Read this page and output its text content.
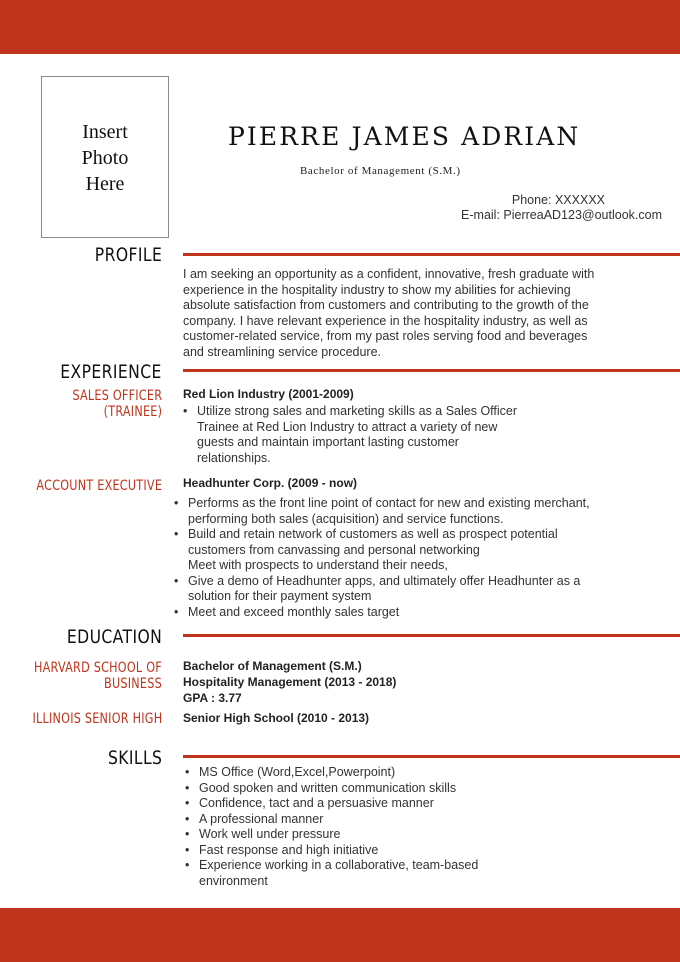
Insert
Photo
Here
PIERRE JAMES ADRIAN
Bachelor of Management (S.M.)
Phone: XXXXXX
E-mail: PierreaAD123@outlook.com
PROFILE
I am seeking an opportunity as a confident, innovative, fresh graduate with
experience in the hospitality industry to show my abilities for achieving
absolute satisfaction from customers and contributing to the growth of the
company. I have relevant experience in the hospitality industry, as well as
customer-related service, from my past roles serving food and beverages
and streamlining service procedure.
EXPERIENCE
SALES OFFICER
(TRAINEE)
Red Lion Industry (2001-2009)
• Utilize strong sales and marketing skills as a Sales Officer
Trainee at Red Lion Industry to attract a variety of new
guests and maintain important lasting customer
relationships.
ACCOUNT EXECUTIVE Headhunter Corp. (2009 - now)
• Performs as the front line point of contact for new and existing merchant,
performing both sales (acquisition) and service functions.
• Build and retain network of customers as well as prospect potential
customers from canvassing and personal networking
Meet with prospects to understand their needs,
• Give a demo of Headhunter apps, and ultimately offer Headhunter as a
solution for their payment system
• Meet and exceed monthly sales target
EDUCATION
HARVARD SCHOOL OF
BUSINESS
Bachelor of Management (S.M.)
Hospitality Management (2013 - 2018)
GPA : 3.77
ILLINOIS SENIOR HIGH Senior High School (2010 - 2013)
SKILLS
• MS Office (Word,Excel,Powerpoint)
• Good spoken and written communication skills
• Confidence, tact and a persuasive manner
• A professional manner
• Work well under pressure
• Fast response and high initiative
• Experience working in a collaborative, team-based
environment
